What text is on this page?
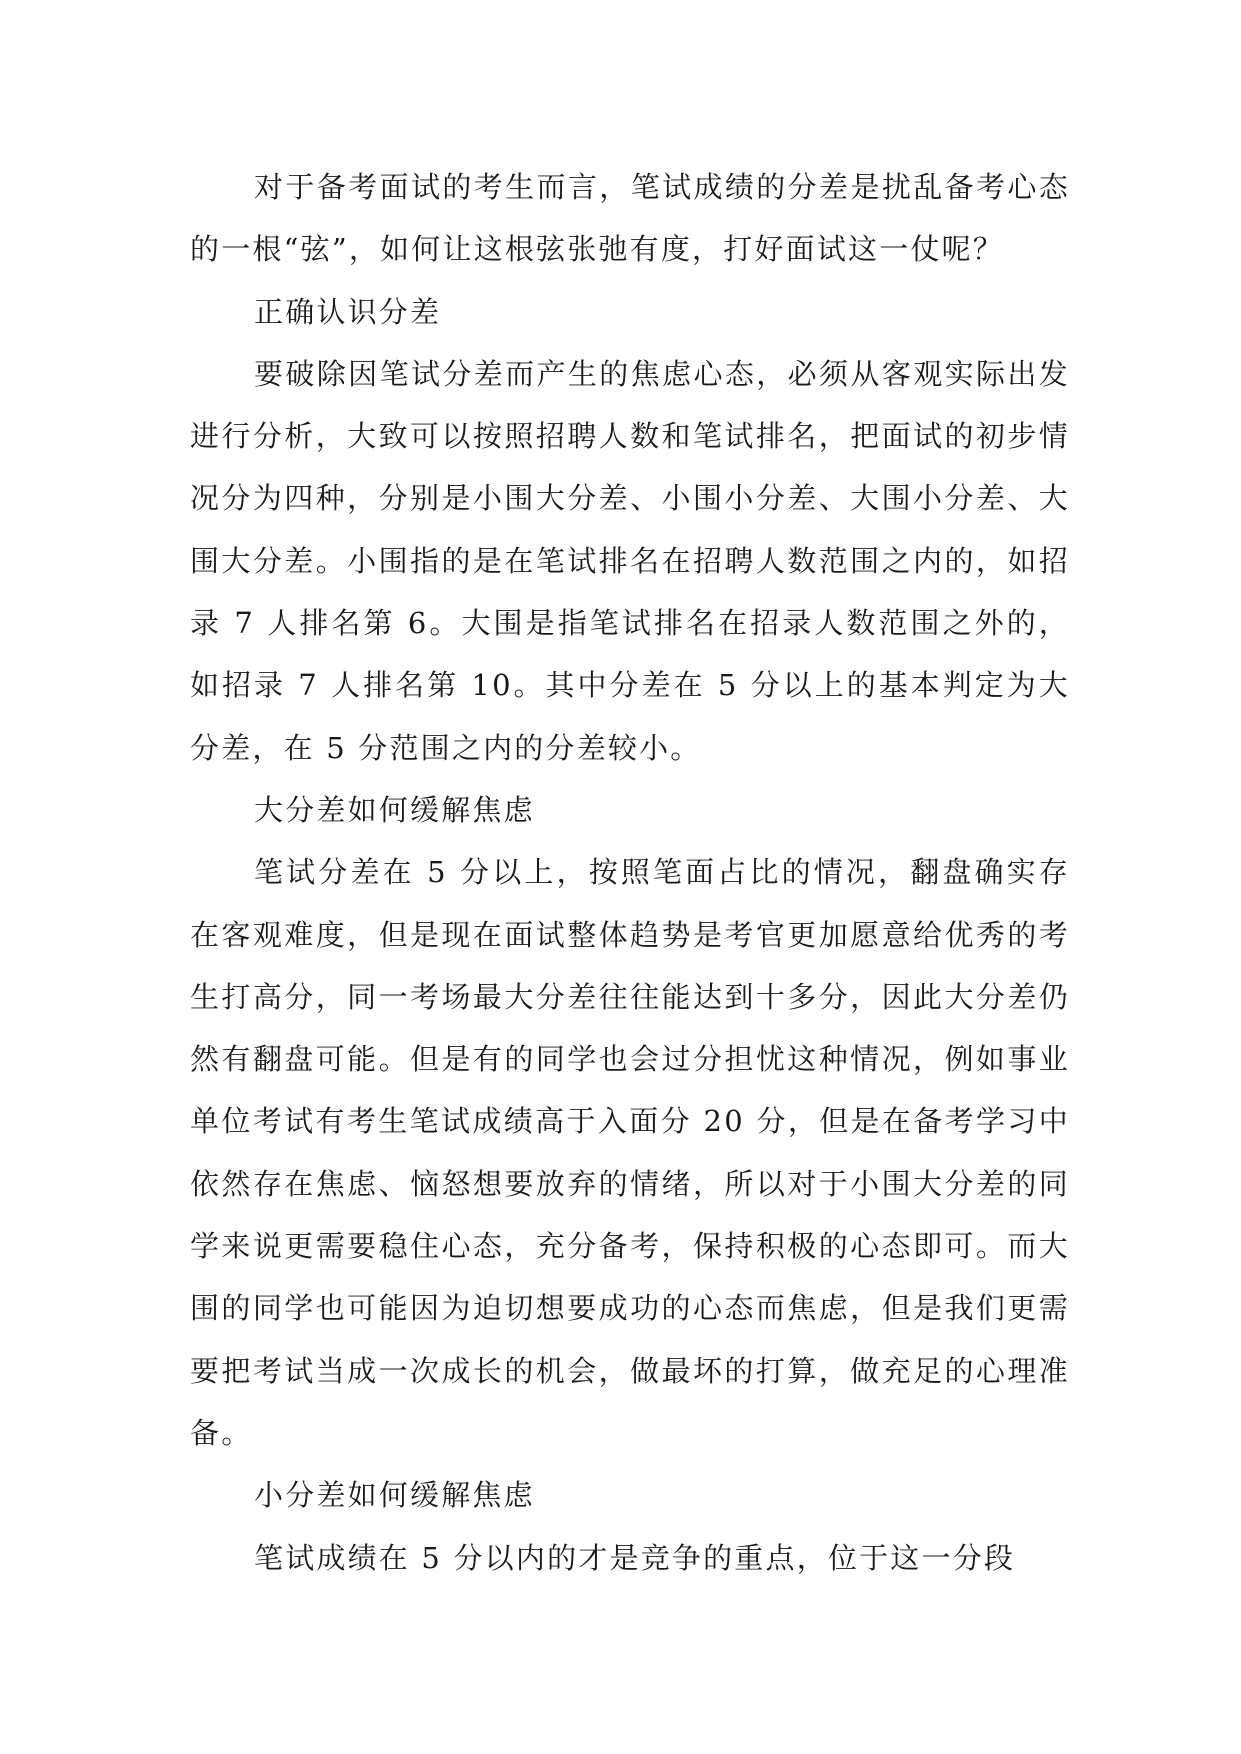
对于备考面试的考生而言，笔试成绩的分差是扰乱备考心态的一根“弦”，如何让这根弦张弛有度，打好面试这一仗呢？

正确认识分差

要破除因笔试分差而产生的焦虑心态，必须从客观实际出发进行分析，大致可以按照招聘人数和笔试排名，把面试的初步情况分为四种，分别是小围大分差、小围小分差、大围小分差、大围大分差。小围指的是在笔试排名在招聘人数范围之内的，如招录 7 人排名第 6。大围是指笔试排名在招录人数范围之外的，如招录 7 人排名第 10。其中分差在 5 分以上的基本判定为大分差，在 5 分范围之内的分差较小。

大分差如何缓解焦虑

笔试分差在 5 分以上，按照笔面占比的情况，翻盘确实存在客观难度，但是现在面试整体趋势是考官更加愿意给优秀的考生打高分，同一考场最大分差往往能达到十多分，因此大分差仍然有翻盘可能。但是有的同学也会过分担忧这种情况，例如事业单位考试有考生笔试成绩高于入面分 20 分，但是在备考学习中依然存在焦虑、恼怒想要放弃的情绪，所以对于小围大分差的同学来说更需要稳住心态，充分备考，保持积极的心态即可。而大围的同学也可能因为迫切想要成功的心态而焦虑，但是我们更需要把考试当成一次成长的机会，做最坏的打算，做充足的心理准备。

小分差如何缓解焦虑

笔试成绩在 5 分以内的才是竞争的重点，位于这一分段
